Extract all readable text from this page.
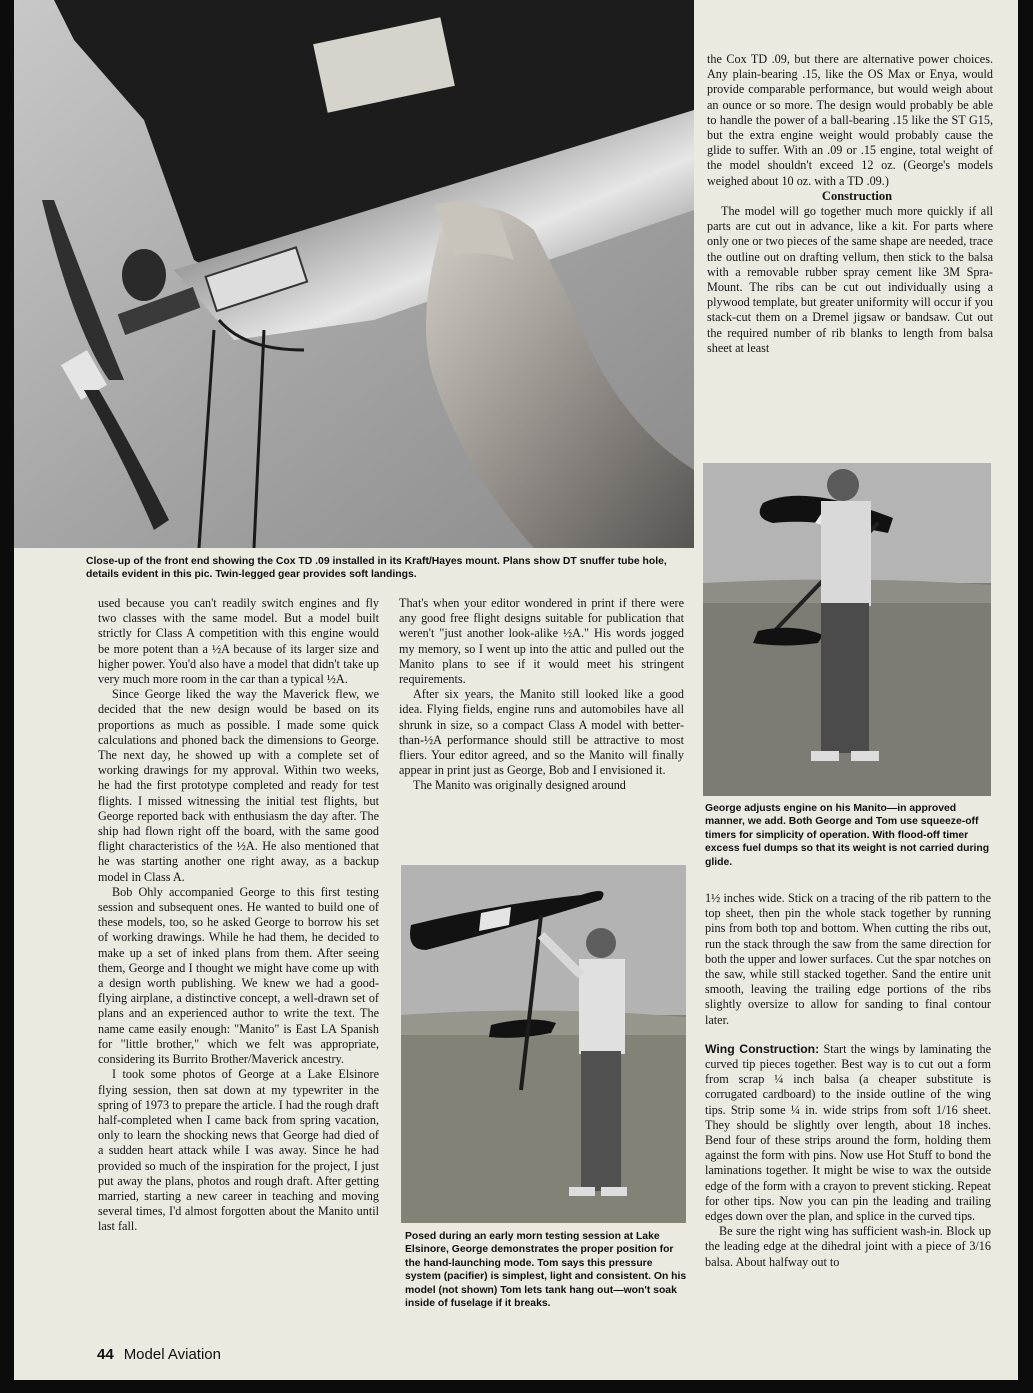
Close-up of the front end showing the Cox TD .09 installed in its Kraft/Hayes mount. Plans show DT snuffer tube hole, details evident in this pic. Twin-legged gear provides soft landings.

the Cox TD .09, but there are alternative power choices. Any plain-bearing .15, like the OS Max or Enya, would provide comparable performance, but would weigh about an ounce or so more. The design would probably be able to handle the power of a ball-bearing .15 like the ST G15, but the extra engine weight would probably cause the glide to suffer. With an .09 or .15 engine, total weight of the model shouldn't exceed 12 oz. (George's models weighed about 10 oz. with a TD .09.)

Construction

The model will go together much more quickly if all parts are cut out in advance, like a kit. For parts where only one or two pieces of the same shape are needed, trace the outline out on drafting vellum, then stick to the balsa with a removable rubber spray cement like 3M Spra-Mount. The ribs can be cut out individually using a plywood template, but greater uniformity will occur if you stack-cut them on a Dremel jigsaw or bandsaw. Cut out the required number of rib blanks to length from balsa sheet at least

George adjusts engine on his Manito—in approved manner, we add. Both George and Tom use squeeze-off timers for simplicity of operation. With flood-off timer excess fuel dumps so that its weight is not carried during glide.

used because you can't readily switch engines and fly two classes with the same model. But a model built strictly for Class A competition with this engine would be more potent than a ½A because of its larger size and higher power. You'd also have a model that didn't take up very much more room in the car than a typical ½A.

Since George liked the way the Maverick flew, we decided that the new design would be based on its proportions as much as possible. I made some quick calculations and phoned back the dimensions to George. The next day, he showed up with a complete set of working drawings for my approval. Within two weeks, he had the first prototype completed and ready for test flights. I missed witnessing the initial test flights, but George reported back with enthusiasm the day after. The ship had flown right off the board, with the same good flight characteristics of the ½A. He also mentioned that he was starting another one right away, as a backup model in Class A.

Bob Ohly accompanied George to this first testing session and subsequent ones. He wanted to build one of these models, too, so he asked George to borrow his set of working drawings. While he had them, he decided to make up a set of inked plans from them. After seeing them, George and I thought we might have come up with a design worth publishing. We knew we had a good-flying airplane, a distinctive concept, a well-drawn set of plans and an experienced author to write the text. The name came easily enough: "Manito" is East LA Spanish for "little brother," which we felt was appropriate, considering its Burrito Brother/Maverick ancestry.

I took some photos of George at a Lake Elsinore flying session, then sat down at my typewriter in the spring of 1973 to prepare the article. I had the rough draft half-completed when I came back from spring vacation, only to learn the shocking news that George had died of a sudden heart attack while I was away. Since he had provided so much of the inspiration for the project, I just put away the plans, photos and rough draft. After getting married, starting a new career in teaching and moving several times, I'd almost forgotten about the Manito until last fall.

That's when your editor wondered in print if there were any good free flight designs suitable for publication that weren't "just another look-alike ½A." His words jogged my memory, so I went up into the attic and pulled out the Manito plans to see if it would meet his stringent requirements.

After six years, the Manito still looked like a good idea. Flying fields, engine runs and automobiles have all shrunk in size, so a compact Class A model with better-than-½A performance should still be attractive to most fliers. Your editor agreed, and so the Manito will finally appear in print just as George, Bob and I envisioned it.

The Manito was originally designed around

Posed during an early morn testing session at Lake Elsinore, George demonstrates the proper position for the hand-launching mode. Tom says this pressure system (pacifier) is simplest, light and consistent. On his model (not shown) Tom lets tank hang out—won't soak inside of fuselage if it breaks.

1½ inches wide. Stick on a tracing of the rib pattern to the top sheet, then pin the whole stack together by running pins from both top and bottom. When cutting the ribs out, run the stack through the saw from the same direction for both the upper and lower surfaces. Cut the spar notches on the saw, while still stacked together. Sand the entire unit smooth, leaving the trailing edge portions of the ribs slightly oversize to allow for sanding to final contour later.

Wing Construction: Start the wings by laminating the curved tip pieces together. Best way is to cut out a form from scrap ¼ inch balsa (a cheaper substitute is corrugated cardboard) to the inside outline of the wing tips. Strip some ¼ in. wide strips from soft 1/16 sheet. They should be slightly over length, about 18 inches. Bend four of these strips around the form, holding them against the form with pins. Now use Hot Stuff to bond the laminations together. It might be wise to wax the outside edge of the form with a crayon to prevent sticking. Repeat for other tips. Now you can pin the leading and trailing edges down over the plan, and splice in the curved tips.

Be sure the right wing has sufficient wash-in. Block up the leading edge at the dihedral joint with a piece of 3/16 balsa. About halfway out to

44 Model Aviation
